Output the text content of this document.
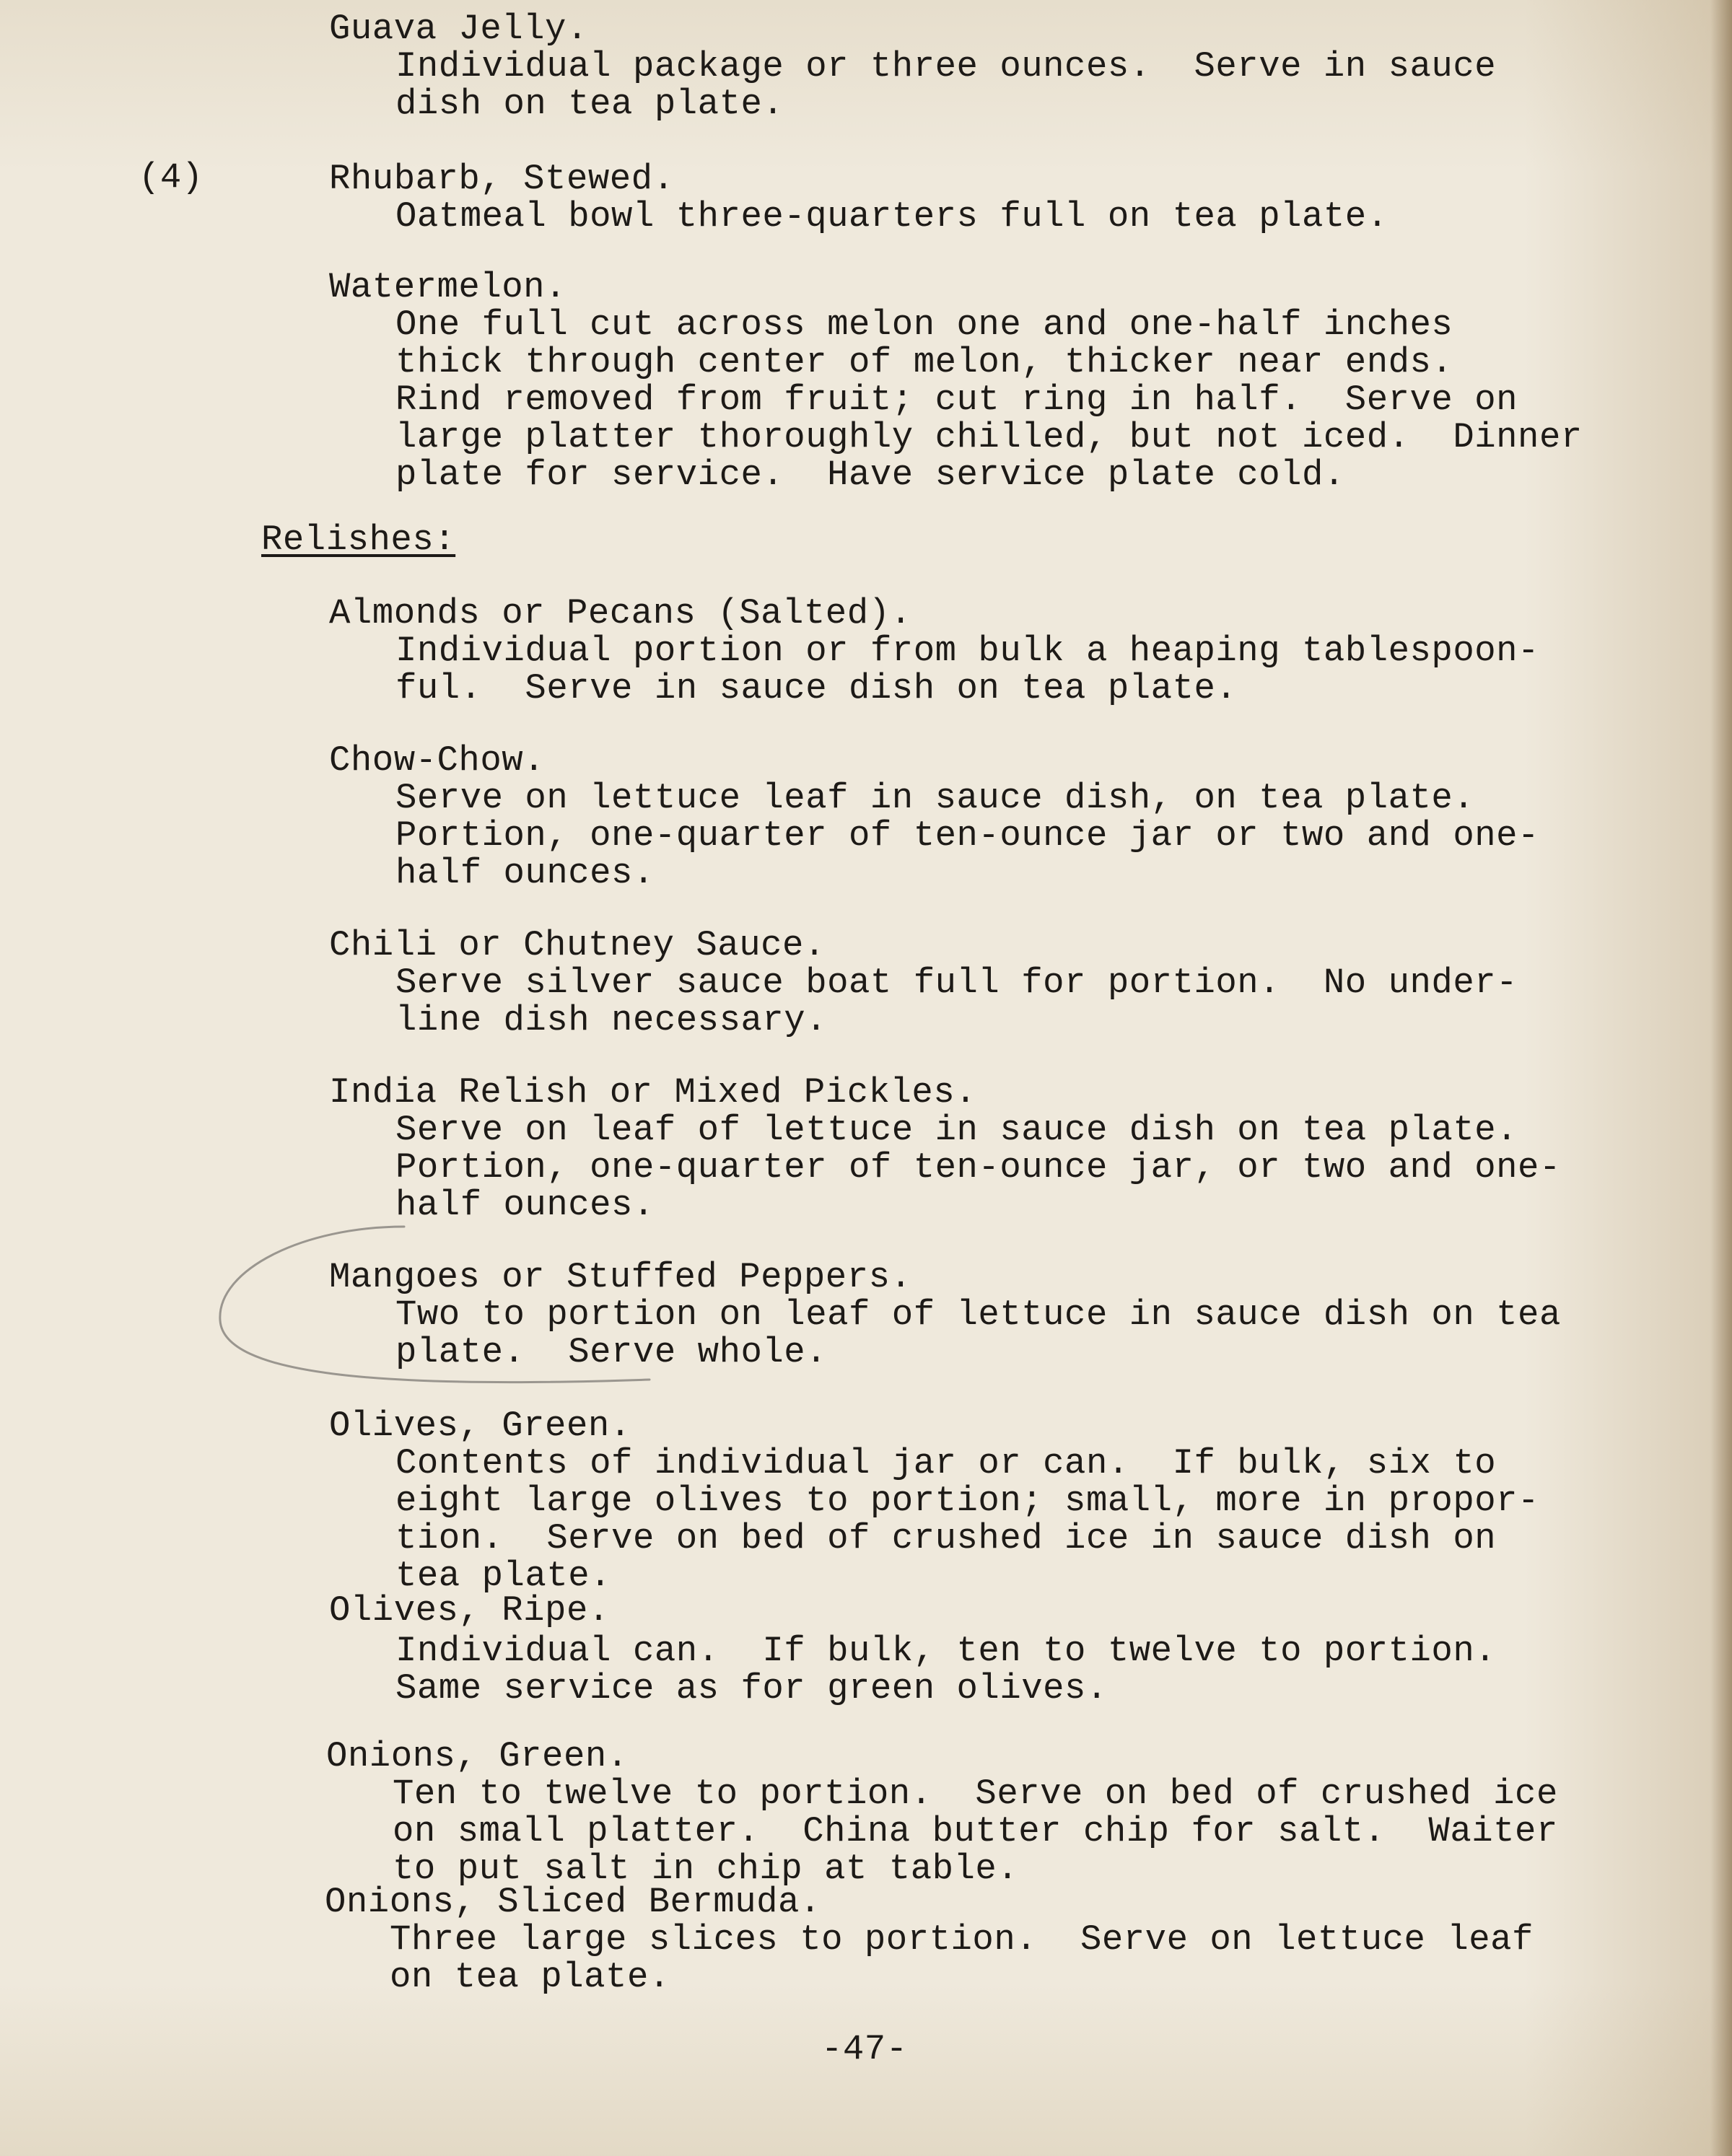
Guava Jelly.
Individual package or three ounces.  Serve in sauce
dish on tea plate.
(4)	Rhubarb, Stewed.
Oatmeal bowl three-quarters full on tea plate.
Watermelon.
One full cut across melon one and one-half inches
thick through center of melon, thicker near ends.
Rind removed from fruit; cut ring in half.  Serve on
large platter thoroughly chilled, but not iced.  Dinner
plate for service.  Have service plate cold.
Relishes:
Almonds or Pecans (Salted).
Individual portion or from bulk a heaping tablespoon-
ful.  Serve in sauce dish on tea plate.
Chow-Chow.
Serve on lettuce leaf in sauce dish, on tea plate.
Portion, one-quarter of ten-ounce jar or two and one-
half ounces.
Chili or Chutney Sauce.
Serve silver sauce boat full for portion.  No under-
line dish necessary.
India Relish or Mixed Pickles.
Serve on leaf of lettuce in sauce dish on tea plate.
Portion, one-quarter of ten-ounce jar, or two and one-
half ounces.
Mangoes or Stuffed Peppers.
Two to portion on leaf of lettuce in sauce dish on tea
plate.  Serve whole.
Olives, Green.
Contents of individual jar or can.  If bulk, six to
eight large olives to portion; small, more in propor-
tion.  Serve on bed of crushed ice in sauce dish on
tea plate.
Olives, Ripe.
Individual can.  If bulk, ten to twelve to portion.
Same service as for green olives.
Onions, Green.
Ten to twelve to portion.  Serve on bed of crushed ice
on small platter.  China butter chip for salt.  Waiter
to put salt in chip at table.
Onions, Sliced Bermuda.
Three large slices to portion.  Serve on lettuce leaf
on tea plate.
-47-
